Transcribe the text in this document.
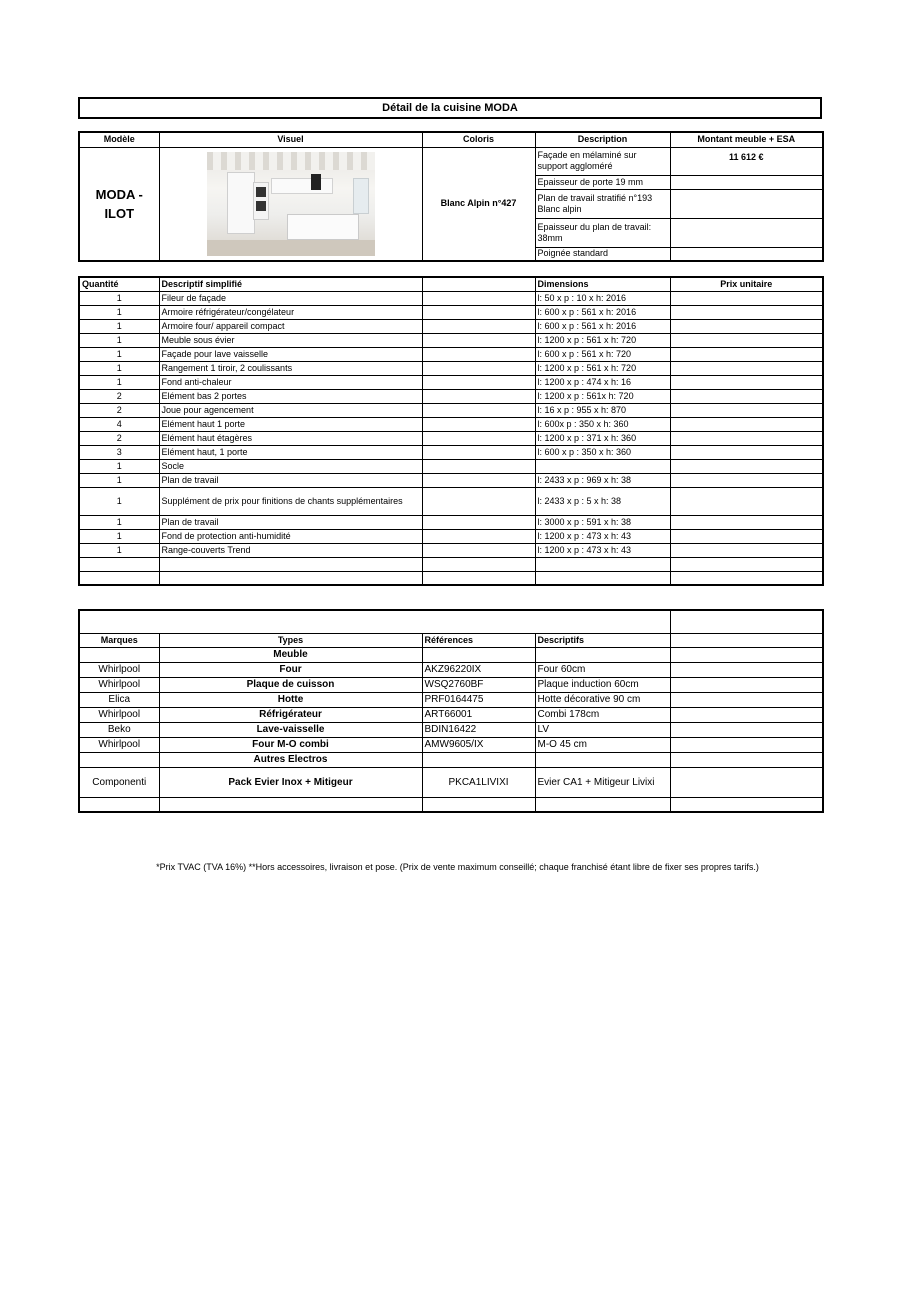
Détail de la cuisine MODA
Modèle	Visuel	Coloris	Description	Montant meuble + ESA
MODA - ILOT		Blanc Alpin n°427	Façade en mélaminé sur support aggloméré	11 612 €
			Epaisseur de porte 19 mm	
			Plan de travail stratifié n°193 Blanc alpin	
			Epaisseur du plan de travail: 38mm	
			Poignée standard	
Quantité	Descriptif simplifié		Dimensions	Prix unitaire
1	Fileur de façade		l: 50 x p : 10 x h: 2016	
1	Armoire réfrigérateur/congélateur		l: 600 x p : 561 x h: 2016	
1	Armoire four/ appareil compact		l: 600 x p : 561 x h: 2016	
1	Meuble sous évier		l: 1200 x p : 561 x h: 720	
1	Façade pour lave vaisselle		l: 600 x p : 561 x h: 720	
1	Rangement 1 tiroir, 2 coulissants		l: 1200 x p : 561 x h: 720	
1	Fond anti-chaleur		l: 1200 x p : 474 x h: 16	
2	Elément bas 2 portes		l: 1200 x p : 561x h: 720	
2	Joue pour agencement		l: 16 x p : 955 x h: 870	
4	Elément haut 1 porte		l: 600x p : 350 x h: 360	
2	Elément haut étagères		l: 1200 x p : 371 x h: 360	
3	Elément haut, 1 porte		l: 600 x p : 350 x h: 360	
1	Socle			
1	Plan de travail		l: 2433 x p : 969 x h: 38	
1	Supplément de prix pour finitions de chants supplémentaires		l: 2433 x p : 5 x h: 38	
1	Plan de travail		l: 3000 x p : 591 x h: 38	
1	Fond de protection anti-humidité		l: 1200 x p : 473 x h: 43	
1	Range-couverts Trend		l: 1200 x p : 473 x h: 43	

Marques	Types	Références	Descriptifs	
	Meuble			
Whirlpool	Four	AKZ96220IX	Four 60cm	
Whirlpool	Plaque de cuisson	WSQ2760BF	Plaque induction 60cm	
Elica	Hotte	PRF0164475	Hotte décorative 90 cm	
Whirlpool	Réfrigérateur	ART66001	Combi 178cm	
Beko	Lave-vaisselle	BDIN16422	LV	
Whirlpool	Four M-O combi	AMW9605/IX	M-O 45 cm	
	Autres Electros			
Componenti	Pack Evier Inox + Mitigeur	PKCA1LIVIXI	Evier CA1 + Mitigeur Livixi	

*Prix TVAC (TVA 16%) **Hors accessoires, livraison et pose. (Prix de vente maximum conseillé; chaque franchisé étant libre de fixer ses propres tarifs.)
